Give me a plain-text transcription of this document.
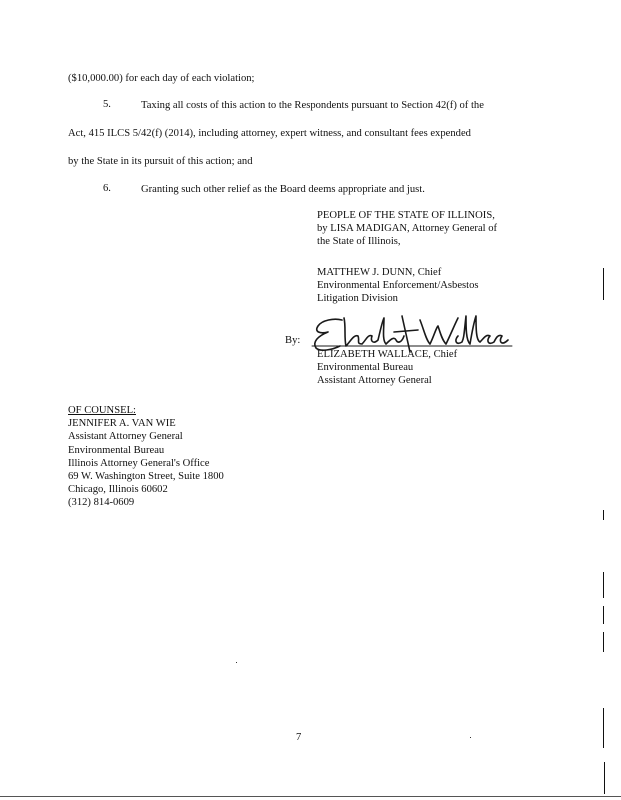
($10,000.00) for each day of each violation;
5.	Taxing all costs of this action to the Respondents pursuant to Section 42(f) of the
Act, 415 ILCS 5/42(f) (2014), including attorney, expert witness, and consultant fees expended
by the State in its pursuit of this action; and
6.	Granting such other relief as the Board deems appropriate and just.
PEOPLE OF THE STATE OF ILLINOIS,
by LISA MADIGAN, Attorney General of
the State of Illinois,
MATTHEW J. DUNN, Chief
Environmental Enforcement/Asbestos
Litigation Division
By:
ELIZABETH WALLACE, Chief
Environmental Bureau
Assistant Attorney General
OF COUNSEL:
JENNIFER A. VAN WIE
Assistant Attorney General
Environmental Bureau
Illinois Attorney General's Office
69 W. Washington Street, Suite 1800
Chicago, Illinois 60602
(312) 814-0609
7
